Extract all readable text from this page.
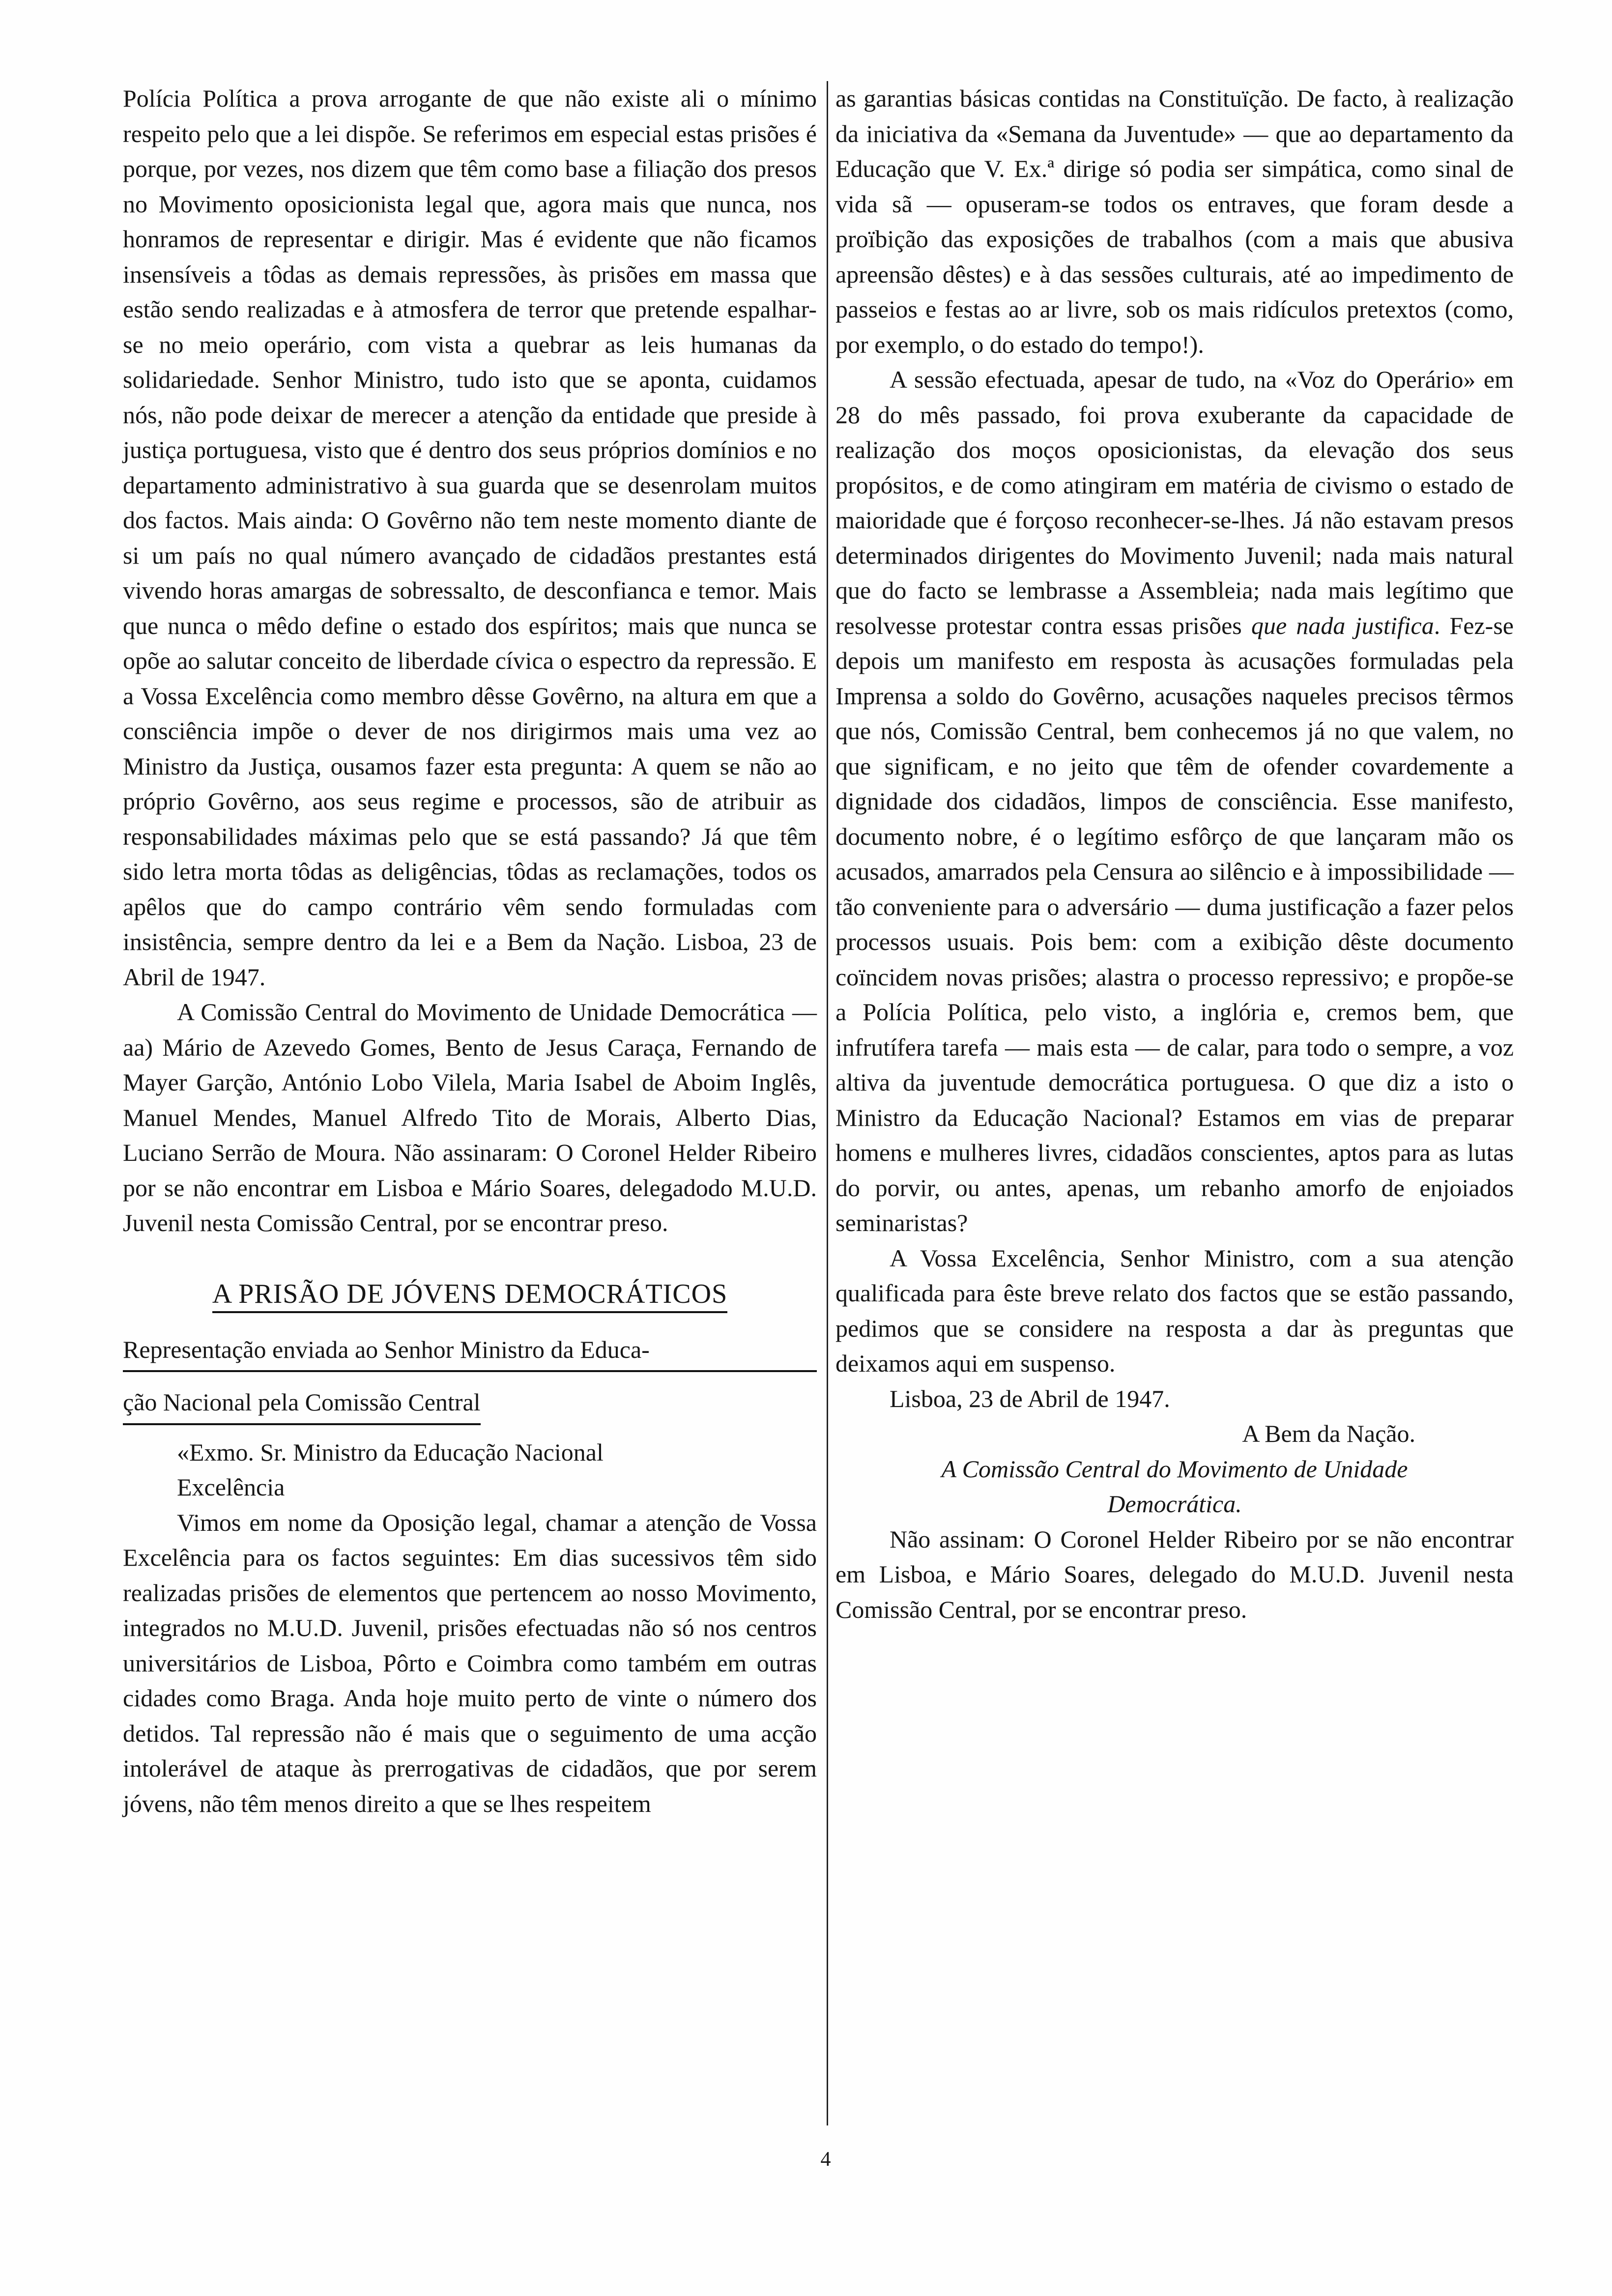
Polícia Política a prova arrogante de que não existe ali o mínimo respeito pelo que a lei dispõe. Se referimos em especial estas prisões é porque, por vezes, nos dizem que têm como base a filiação dos presos no Movimento oposicionista legal que, agora mais que nunca, nos honramos de representar e dirigir. Mas é evidente que não ficamos insensíveis a tôdas as demais repressões, às prisões em massa que estão sendo realizadas e à atmosfera de terror que pretende espalhar-se no meio operário, com vista a quebrar as leis humanas da solidariedade. Senhor Ministro, tudo isto que se aponta, cuidamos nós, não pode deixar de merecer a atenção da entidade que preside à justiça portuguesa, visto que é dentro dos seus próprios domínios e no departamento administrativo à sua guarda que se desenrolam muitos dos factos. Mais ainda: O Govêrno não tem neste momento diante de si um país no qual número avançado de cidadãos prestantes está vivendo horas amargas de sobressalto, de desconfianca e temor. Mais que nunca o mêdo define o estado dos espíritos; mais que nunca se opõe ao salutar conceito de liberdade cívica o espectro da repressão. E a Vossa Excelência como membro dêsse Govêrno, na altura em que a consciência impõe o dever de nos dirigirmos mais uma vez ao Ministro da Justiça, ousamos fazer esta pregunta: A quem se não ao próprio Govêrno, aos seus regime e processos, são de atribuir as responsabilidades máximas pelo que se está passando? Já que têm sido letra morta tôdas as deligências, tôdas as reclamações, todos os apêlos que do campo contrário vêm sendo formuladas com insistência, sempre dentro da lei e a Bem da Nação. Lisboa, 23 de Abril de 1947.

A Comissão Central do Movimento de Unidade Democrática — aa) Mário de Azevedo Gomes, Bento de Jesus Caraça, Fernando de Mayer Garção, António Lobo Vilela, Maria Isabel de Aboim Inglês, Manuel Mendes, Manuel Alfredo Tito de Morais, Alberto Dias, Luciano Serrão de Moura. Não assinaram: O Coronel Helder Ribeiro por se não encontrar em Lisboa e Mário Soares, delegadodo M.U.D. Juvenil nesta Comissão Central, por se encontrar preso.

A PRISÃO DE JÓVENS DEMOCRÁTICOS
Representação enviada ao Senhor Ministro da Educa-
ção Nacional pela Comissão Central

«Exmo. Sr. Ministro da Educação Nacional

Excelência

Vimos em nome da Oposição legal, chamar a atenção de Vossa Excelência para os factos seguintes: Em dias sucessivos têm sido realizadas prisões de elementos que pertencem ao nosso Movimento, integrados no M.U.D. Juvenil, prisões efectuadas não só nos centros universitários de Lisboa, Pôrto e Coimbra como também em outras cidades como Braga. Anda hoje muito perto de vinte o número dos detidos. Tal repressão não é mais que o seguimento de uma acção intolerável de ataque às prerrogativas de cidadãos, que por serem jóvens, não têm menos direito a que se lhes respeitem

as garantias básicas contidas na Constituïção. De facto, à realização da iniciativa da «Semana da Juventude» — que ao departamento da Educação que V. Ex.ª dirige só podia ser simpática, como sinal de vida sã — opuseram-se todos os entraves, que foram desde a proïbição das exposições de trabalhos (com a mais que abusiva apreensão dêstes) e à das sessões culturais, até ao impedimento de passeios e festas ao ar livre, sob os mais ridículos pretextos (como, por exemplo, o do estado do tempo!).

A sessão efectuada, apesar de tudo, na «Voz do Operário» em 28 do mês passado, foi prova exuberante da capacidade de realização dos moços oposicionistas, da elevação dos seus propósitos, e de como atingiram em matéria de civismo o estado de maioridade que é forçoso reconhecer-se-lhes. Já não estavam presos determinados dirigentes do Movimento Juvenil; nada mais natural que do facto se lembrasse a Assembleia; nada mais legítimo que resolvesse protestar contra essas prisões que nada justifica. Fez-se depois um manifesto em resposta às acusações formuladas pela Imprensa a soldo do Govêrno, acusações naqueles precisos têrmos que nós, Comissão Central, bem conhecemos já no que valem, no que significam, e no jeito que têm de ofender covardemente a dignidade dos cidadãos, limpos de consciência. Esse manifesto, documento nobre, é o legítimo esfôrço de que lançaram mão os acusados, amarrados pela Censura ao silêncio e à impossibilidade — tão conveniente para o adversário — duma justificação a fazer pelos processos usuais. Pois bem: com a exibição dêste documento coïncidem novas prisões; alastra o processo repressivo; e propõe-se a Polícia Política, pelo visto, a inglória e, cremos bem, que infrutífera tarefa — mais esta — de calar, para todo o sempre, a voz altiva da juventude democrática portuguesa. O que diz a isto o Ministro da Educação Nacional? Estamos em vias de preparar homens e mulheres livres, cidadãos conscientes, aptos para as lutas do porvir, ou antes, apenas, um rebanho amorfo de enjoiados seminaristas?

A Vossa Excelência, Senhor Ministro, com a sua atenção qualificada para êste breve relato dos factos que se estão passando, pedimos que se considere na resposta a dar às preguntas que deixamos aqui em suspenso.

Lisboa, 23 de Abril de 1947.

A Bem da Nação.

A Comissão Central do Movimento de Unidade

Democrática.

Não assinam: O Coronel Helder Ribeiro por se não encontrar em Lisboa, e Mário Soares, delegado do M.U.D. Juvenil nesta Comissão Central, por se encontrar preso.

4
